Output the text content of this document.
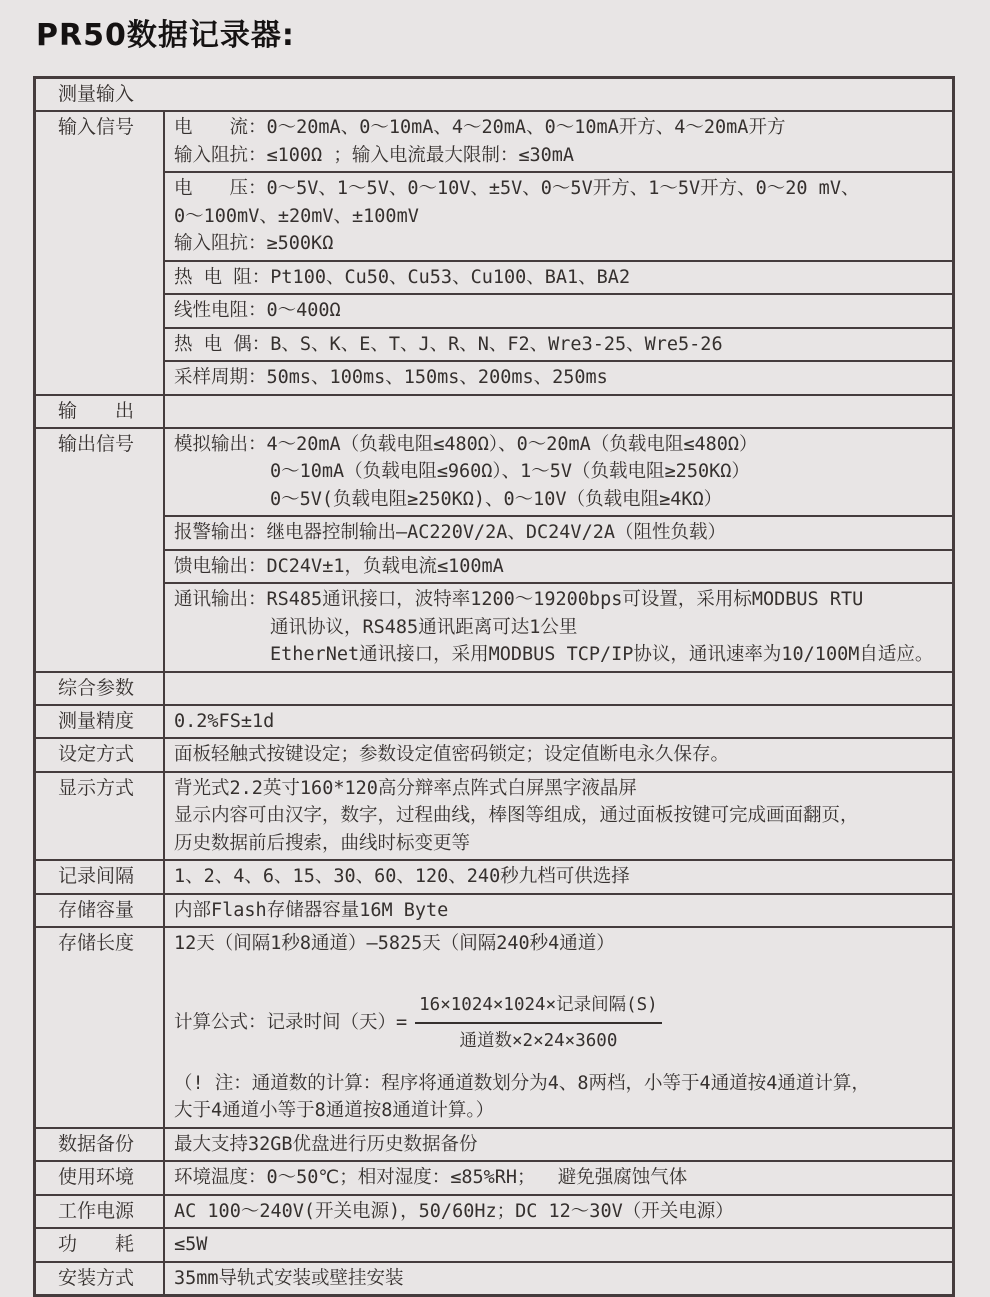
PR50数据记录器:
测量输入
输入信号	电　　流：0～20mA、0～10mA、4～20mA、0～10mA开方、4～20mA开方
输入阻抗：≤100Ω ；输入电流最大限制：≤30mA
电　　压：0～5V、1～5V、0～10V、±5V、0～5V开方、1～5V开方、0～20 mV、
0～100mV、±20mV、±100mV
输入阻抗：≥500KΩ
热 电 阻：Pt100、Cu50、Cu53、Cu100、BA1、BA2
线性电阻：0～400Ω
热 电 偶：B、S、K、E、T、J、R、N、F2、Wre3-25、Wre5-26
采样周期：50ms、100ms、150ms、200ms、250ms
输　　出
输出信号	模拟输出：4～20mA（负载电阻≤480Ω）、0～20mA（负载电阻≤480Ω）
0～10mA（负载电阻≤960Ω）、1～5V（负载电阻≥250KΩ）
0～5V(负载电阻≥250KΩ)、0～10V（负载电阻≥4KΩ）
报警输出：继电器控制输出—AC220V/2A、DC24V/2A（阻性负载）
馈电输出：DC24V±1，负载电流≤100mA
通讯输出：RS485通讯接口，波特率1200～19200bps可设置，采用标MODBUS RTU
通讯协议，RS485通讯距离可达1公里
EtherNet通讯接口，采用MODBUS TCP/IP协议，通讯速率为10/100M自适应。
综合参数
测量精度	0.2%FS±1d
设定方式	面板轻触式按键设定；参数设定值密码锁定；设定值断电永久保存。
显示方式	背光式2.2英寸160*120高分辩率点阵式白屏黑字液晶屏
显示内容可由汉字，数字，过程曲线，棒图等组成，通过面板按键可完成画面翻页，
历史数据前后搜索，曲线时标变更等
记录间隔	1、2、4、6、15、30、60、120、240秒九档可供选择
存储容量	内部Flash存储器容量16M Byte
存储长度	12天（间隔1秒8通道）—5825天（间隔240秒4通道）
计算公式：记录时间（天）= $\frac{\text{16×1024×1024×记录间隔(S)}}{\text{通道数×2×24×3600}}$
（! 注：通道数的计算：程序将通道数划分为4、8两档，小等于4通道按4通道计算，
大于4通道小等于8通道按8通道计算。）
数据备份	最大支持32GB优盘进行历史数据备份
使用环境	环境温度：0～50℃；相对湿度：≤85%RH；  避免强腐蚀气体
工作电源	AC 100～240V(开关电源)，50/60Hz；DC 12～30V（开关电源）
功　　耗	≤5W
安装方式	35mm导轨式安装或壁挂安装
